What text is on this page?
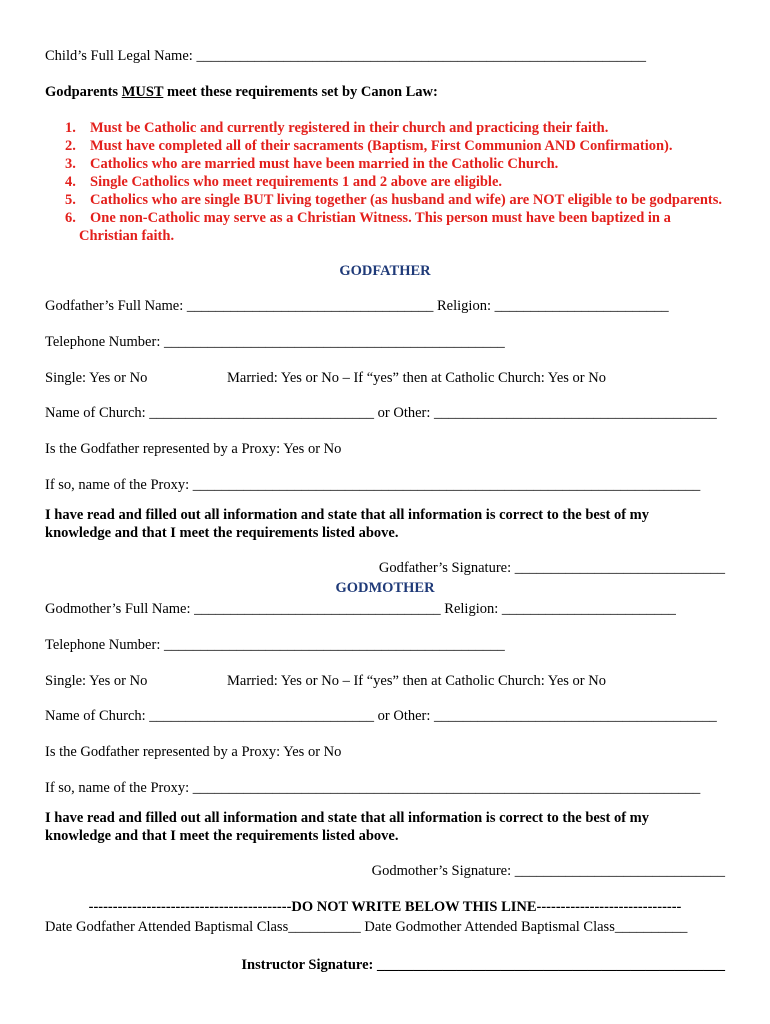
Child’s Full Legal Name: ______________________________________________________________
Godparents MUST meet these requirements set by Canon Law:
1. Must be Catholic and currently registered in their church and practicing their faith.
2. Must have completed all of their sacraments (Baptism, First Communion AND Confirmation).
3. Catholics who are married must have been married in the Catholic Church.
4. Single Catholics who meet requirements 1 and 2 above are eligible.
5. Catholics who are single BUT living together (as husband and wife) are NOT eligible to be godparents.
6. One non-Catholic may serve as a Christian Witness. This person must have been baptized in a
Christian faith.
GODFATHER
Godfather’s Full Name: __________________________________ Religion: ________________________
Telephone Number: _______________________________________________
Single: Yes or No	Married: Yes or No – If “yes” then at Catholic Church: Yes or No
Name of Church: _______________________________ or Other: _______________________________________
Is the Godfather represented by a Proxy: Yes or No
If so, name of the Proxy: ______________________________________________________________________
I have read and filled out all information and state that all information is correct to the best of my
knowledge and that I meet the requirements listed above.
Godfather’s Signature: _____________________________
GODMOTHER
Godmother’s Full Name: __________________________________ Religion: ________________________
Telephone Number: _______________________________________________
Single: Yes or No	Married: Yes or No – If “yes” then at Catholic Church: Yes or No
Name of Church: _______________________________ or Other: _______________________________________
Is the Godfather represented by a Proxy: Yes or No
If so, name of the Proxy: ______________________________________________________________________
I have read and filled out all information and state that all information is correct to the best of my
knowledge and that I meet the requirements listed above.
Godmother’s Signature: _____________________________
------------------------------------------DO NOT WRITE BELOW THIS LINE------------------------------
Date Godfather Attended Baptismal Class__________ Date Godmother Attended Baptismal Class__________
Instructor Signature: ________________________________________________
